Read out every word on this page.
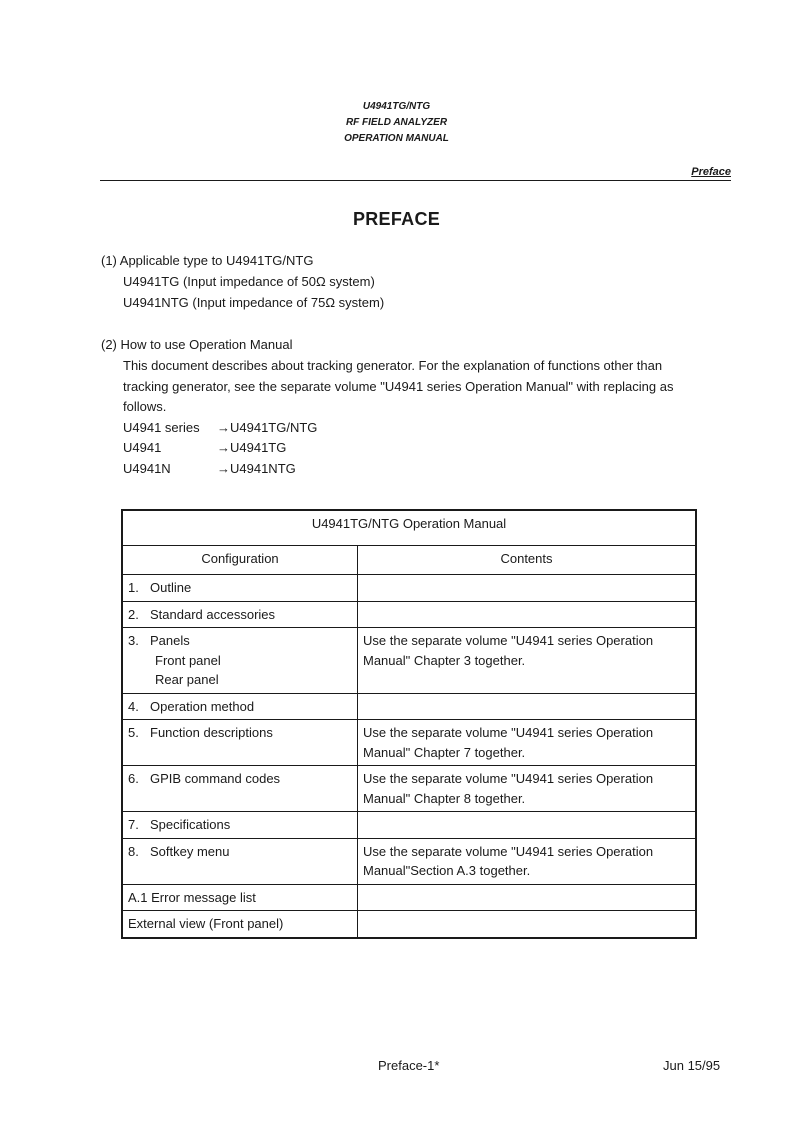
U4941TG/NTG
RF FIELD ANALYZER
OPERATION MANUAL
Preface
PREFACE
(1) Applicable type to U4941TG/NTG
U4941TG (Input impedance of 50Ω system)
U4941NTG (Input impedance of 75Ω system)
(2) How to use Operation Manual
This document describes about tracking generator. For the explanation of functions other than
tracking generator, see the separate volume "U4941 series Operation Manual" with replacing as
follows.
U4941 series	→U4941TG/NTG
U4941	→U4941TG
U4941N	→U4941NTG
U4941TG/NTG Operation Manual	
Configuration	Contents
1. Outline	
2. Standard accessories	

3. Panels
Front panel
Rear panel	Use the separate volume "U4941 series Operation Manual" Chapter 3 together.
4. Operation method	
5. Function descriptions	Use the separate volume "U4941 series Operation Manual" Chapter 7 together.
6. GPIB command codes	Use the separate volume "U4941 series Operation Manual" Chapter 8 together.
7. Specifications	
8. Softkey menu	Use the separate volume "U4941 series Operation Manual"Section A.3 together.
A.1 Error message list	
External view (Front panel)	
Preface-1*	Jun 15/95
